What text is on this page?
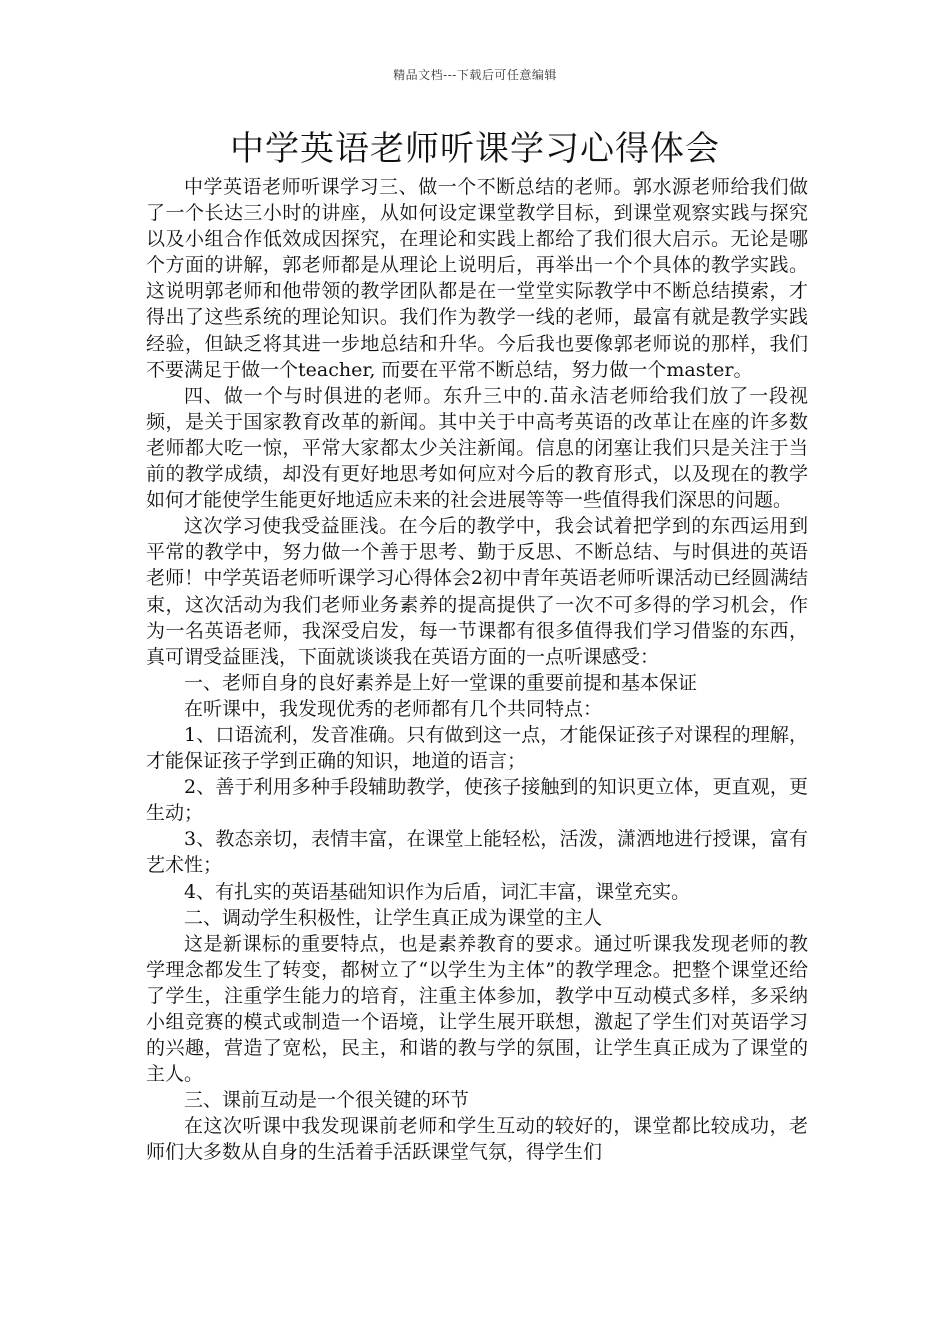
精品文档---下载后可任意编辑
中学英语老师听课学习心得体会

中学英语老师听课学习三、做一个不断总结的老师。郭水源老师给我们做了一个长达三小时的讲座，从如何设定课堂教学目标，到课堂观察实践与探究以及小组合作低效成因探究，在理论和实践上都给了我们很大启示。无论是哪个方面的讲解，郭老师都是从理论上说明后，再举出一个个具体的教学实践。这说明郭老师和他带领的教学团队都是在一堂堂实际教学中不断总结摸索，才得出了这些系统的理论知识。我们作为教学一线的老师，最富有就是教学实践经验，但缺乏将其进一步地总结和升华。今后我也要像郭老师说的那样，我们不要满足于做一个teacher, 而要在平常不断总结，努力做一个master。

四、做一个与时俱进的老师。东升三中的.苗永洁老师给我们放了一段视频，是关于国家教育改革的新闻。其中关于中高考英语的改革让在座的许多数老师都大吃一惊，平常大家都太少关注新闻。信息的闭塞让我们只是关注于当前的教学成绩，却没有更好地思考如何应对今后的教育形式，以及现在的教学如何才能使学生能更好地适应未来的社会进展等等一些值得我们深思的问题。

这次学习使我受益匪浅。在今后的教学中，我会试着把学到的东西运用到平常的教学中，努力做一个善于思考、勤于反思、不断总结、与时俱进的英语老师！中学英语老师听课学习心得体会2初中青年英语老师听课活动已经圆满结束，这次活动为我们老师业务素养的提高提供了一次不可多得的学习机会，作为一名英语老师，我深受启发，每一节课都有很多值得我们学习借鉴的东西，真可谓受益匪浅，下面就谈谈我在英语方面的一点听课感受：

一、老师自身的良好素养是上好一堂课的重要前提和基本保证

在听课中，我发现优秀的老师都有几个共同特点：

1、口语流利，发音准确。只有做到这一点，才能保证孩子对课程的理解，才能保证孩子学到正确的知识，地道的语言；

2、善于利用多种手段辅助教学，使孩子接触到的知识更立体，更直观，更生动；

3、教态亲切，表情丰富，在课堂上能轻松，活泼，潇洒地进行授课，富有艺术性；

4、有扎实的英语基础知识作为后盾，词汇丰富，课堂充实。

二、调动学生积极性，让学生真正成为课堂的主人

这是新课标的重要特点，也是素养教育的要求。通过听课我发现老师的教学理念都发生了转变，都树立了“以学生为主体”的教学理念。把整个课堂还给了学生，注重学生能力的培育，注重主体参加，教学中互动模式多样，多采纳小组竞赛的模式或制造一个语境，让学生展开联想，激起了学生们对英语学习的兴趣，营造了宽松，民主，和谐的教与学的氛围，让学生真正成为了课堂的主人。

三、课前互动是一个很关键的环节

在这次听课中我发现课前老师和学生互动的较好的，课堂都比较成功，老师们大多数从自身的生活着手活跃课堂气氛，得学生们
